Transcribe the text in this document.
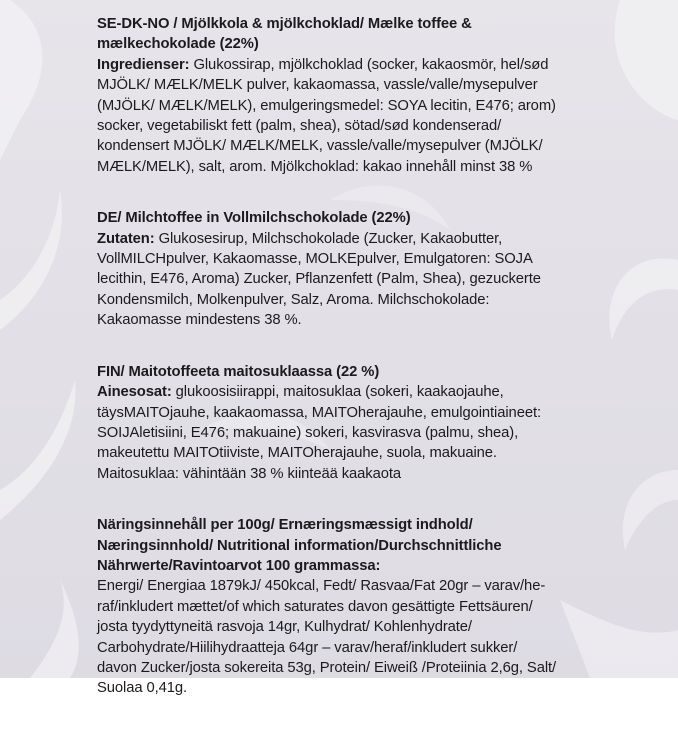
SE-DK-NO / Mjölkkola & mjölkchoklad/ Mælke toffee &
mælkechokolade (22%)
Ingredienser: Glukossirap, mjölkchoklad (socker, kakaosmör, hel/sød
MJÖLK/ MÆLK/MELK pulver, kakaomassa, vassle/valle/mysepulver
(MJÖLK/ MÆLK/MELK), emulgeringsmedel: SOYA lecitin, E476; arom)
socker, vegetabiliskt fett (palm, shea), sötad/sød kondenserad/
kondensert MJÖLK/ MÆLK/MELK, vassle/valle/mysepulver (MJÖLK/
MÆLK/MELK), salt, arom. Mjölkchoklad: kakao innehåll minst 38 %
DE/ Milchtoffee in Vollmilchschokolade (22%)
Zutaten: Glukosesirup, Milchschokolade (Zucker, Kakaobutter,
VollMILCHpulver, Kakaomasse, MOLKEpulver, Emulgatoren: SOJA
lecithin, E476, Aroma) Zucker, Pflanzenfett (Palm, Shea), gezuckerte
Kondensmilch, Molkenpulver, Salz, Aroma. Milchschokolade:
Kakaomasse mindestens 38 %.
FIN/ Maitotoffeeta maitosuklaassa (22 %)
Ainesosat: glukoosisiirappi, maitosuklaa (sokeri, kaakaojauhe,
täysMAITOjauhe, kaakaomassa, MAITOherajauhe, emulgointiaineet:
SOIJAletisiini, E476; makuaine) sokeri, kasvirasva (palmu, shea),
makeutettu MAITOtiiviste, MAITOherajauhe, suola, makuaine.
Maitosuklaa: vähintään 38 % kiinteää kaakaota
Näringsinnehåll per 100g/ Ernæringsmæssigt indhold/
Næringsinnhold/ Nutritional information/Durchschnittliche
Nährwerte/Ravintoarvot 100 grammassa:
Energi/ Energiaa 1879kJ/ 450kcal, Fedt/ Rasvaa/Fat 20gr – varav/he-
raf/inkludert mættet/of which saturates davon gesättigte Fettsäuren/
josta tyydyttyneitä rasvoja 14gr, Kulhydrat/ Kohlenhydrate/
Carbohydrate/Hiilihydraatteja 64gr – varav/heraf/inkludert sukker/
davon Zucker/josta sokereita 53g, Protein/ Eiweiß /Proteiinia 2,6g, Salt/
Suolaa 0,41g.
